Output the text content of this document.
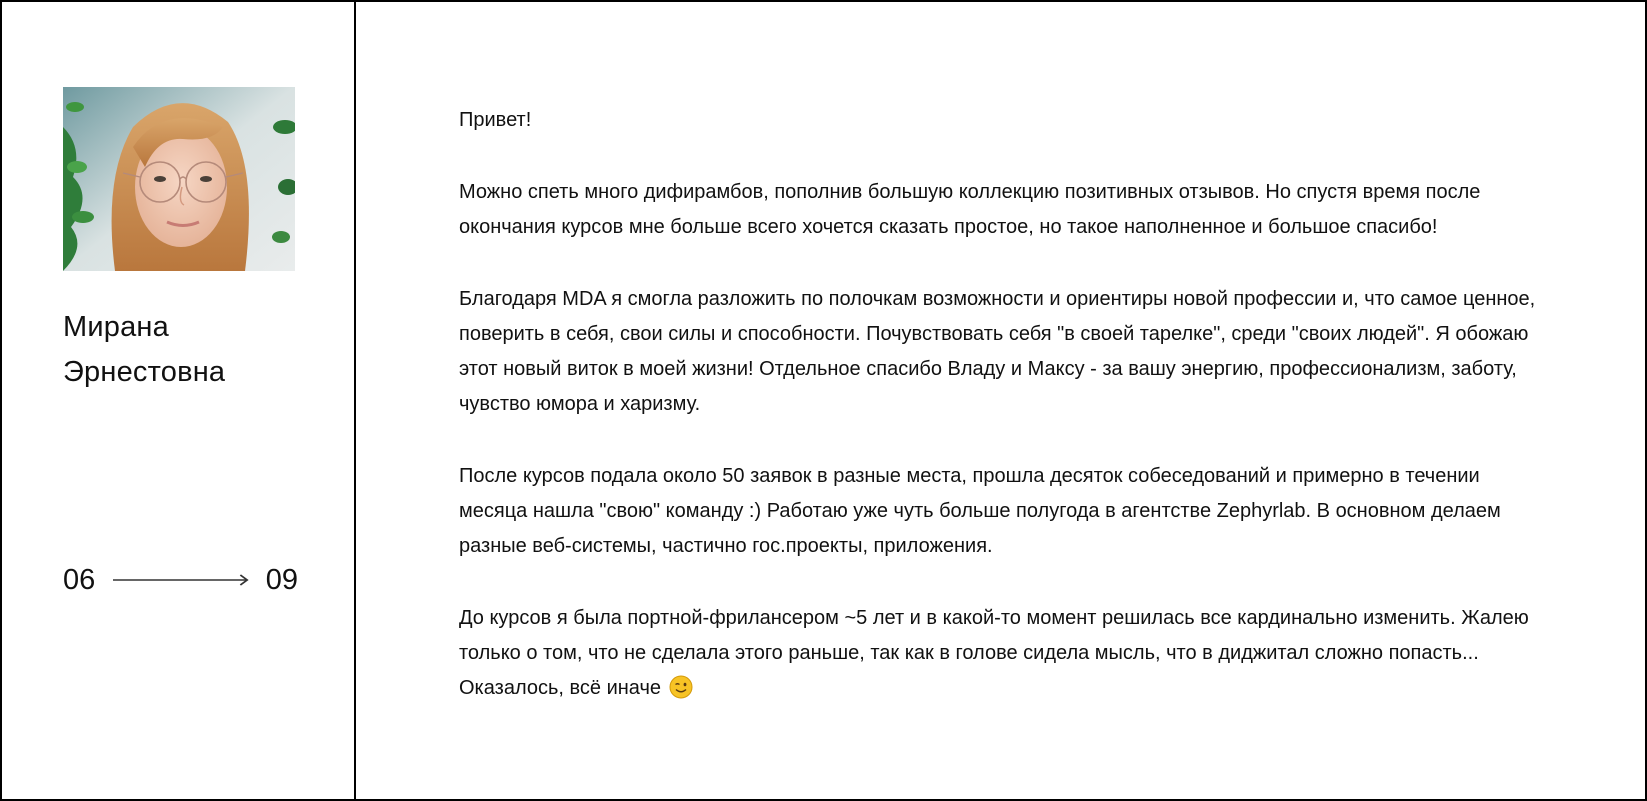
Мирана
Эрнестовна
06	09

Привет!

Можно спеть много дифирамбов, пополнив большую коллекцию позитивных отзывов. Но спустя время после окончания курсов мне больше всего хочется сказать простое, но такое наполненное и большое спасибо!

Благодаря MDA я смогла разложить по полочкам возможности и ориентиры новой профессии и, что самое ценное, поверить в себя, свои силы и способности. Почувствовать себя "в своей тарелке", среди "своих людей". Я обожаю этот новый виток в моей жизни! Отдельное спасибо Владу и Максу - за вашу энергию, профессионализм, заботу, чувство юмора и харизму.

После курсов подала около 50 заявок в разные места, прошла десяток собеседований и примерно в течении месяца нашла "свою" команду :) Работаю уже чуть больше полугода в агентстве Zephyrlab. В основном делаем разные веб-системы, частично гос.проекты, приложения.

До курсов я была портной-фрилансером ~5 лет и в какой-то момент решилась все кардинально изменить. Жалею только о том, что не сделала этого раньше, так как в голове сидела мысль, что в диджитал сложно попасть... Оказалось, всё иначе
